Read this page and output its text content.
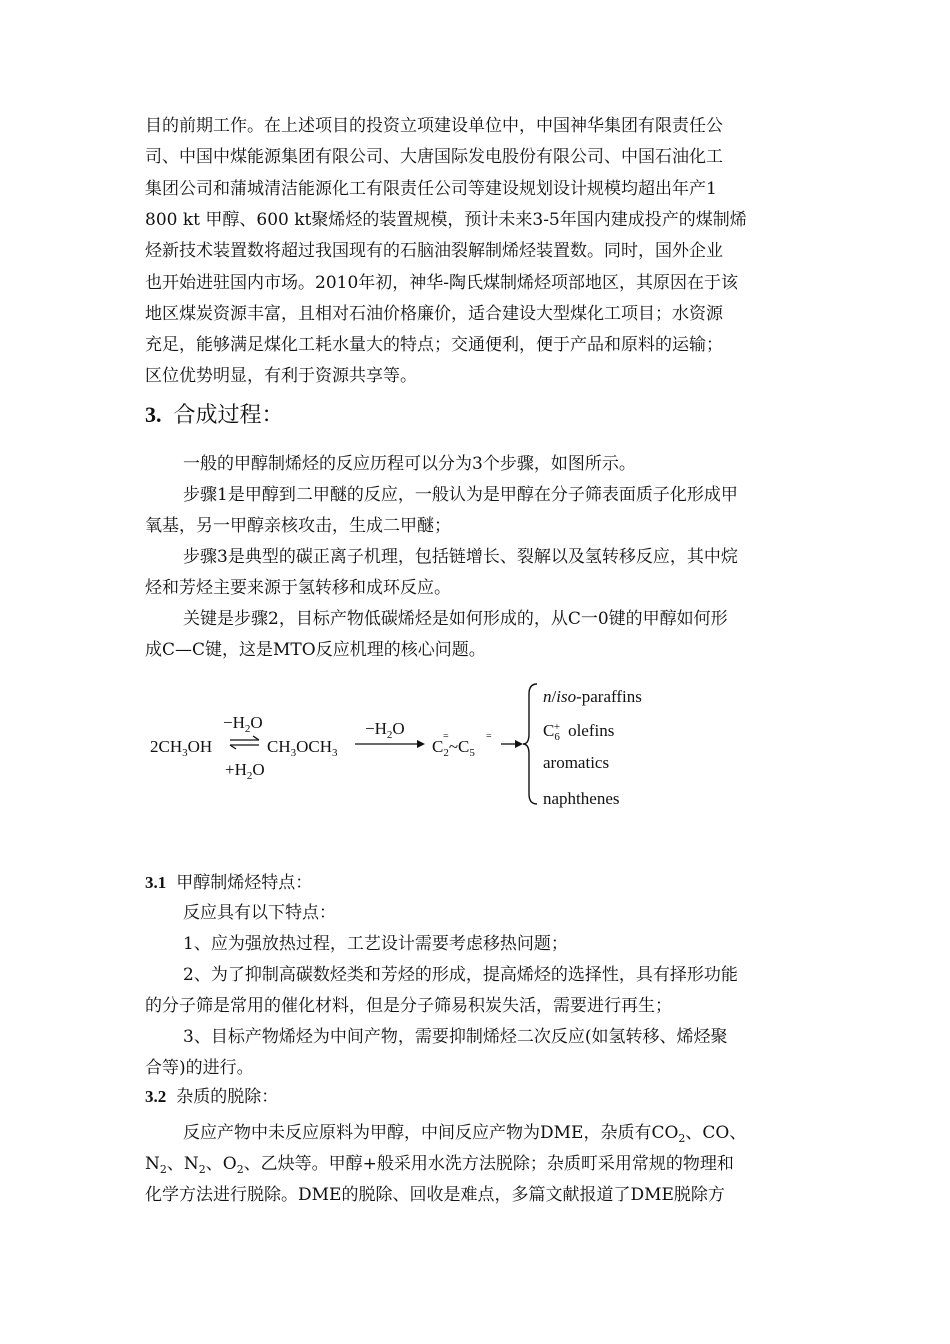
目的前期工作。在上述项目的投资立项建设单位中，中国神华集团有限责任公
司、中国中煤能源集团有限公司、大唐国际发电股份有限公司、中国石油化工
集团公司和蒲城清洁能源化工有限责任公司等建设规划设计规模均超出年产1
800 kt 甲醇、600 kt聚烯烃的装置规模，预计未来3-5年国内建成投产的煤制烯
烃新技术装置数将超过我国现有的石脑油裂解制烯烃装置数。同时，国外企业
也开始进驻国内市场。2010年初，神华-陶氏煤制烯烃项部地区，其原因在于该
地区煤炭资源丰富，且相对石油价格廉价，适合建设大型煤化工项目；水资源
充足，能够满足煤化工耗水量大的特点；交通便利，便于产品和原料的运输；
区位优势明显，有利于资源共享等。
3. 合成过程：
一般的甲醇制烯烃的反应历程可以分为3个步骤，如图所示。
步骤1是甲醇到二甲醚的反应，一般认为是甲醇在分子筛表面质子化形成甲
氧基，另一甲醇亲核攻击，生成二甲醚；
步骤3是典型的碳正离子机理，包括链增长、裂解以及氢转移反应，其中烷
烃和芳烃主要来源于氢转移和成环反应。
关键是步骤2，目标产物低碳烯烃是如何形成的，从C一0键的甲醇如何形
成C—C键，这是MTO反应机理的核心问题。
$2CH_3OH$
$-H_2O$
$+H_2O$
$CH_3OCH_3$
$-H_2O$
$C_2\sim C_5$
=	=
n/iso-paraffins
$C_6+$ olefins
aromatics
naphthenes
3.1 甲醇制烯烃特点：
反应具有以下特点：
1、应为强放热过程，工艺设计需要考虑移热问题；
2、为了抑制高碳数烃类和芳烃的形成，提高烯烃的选择性，具有择形功能
的分子筛是常用的催化材料，但是分子筛易积炭失活，需要进行再生；
3、目标产物烯烃为中间产物，需要抑制烯烃二次反应(如氢转移、烯烃聚
合等)的进行。
3.2 杂质的脱除：
反应产物中未反应原料为甲醇，中间反应产物为DME，杂质有$CO_2$、CO、
$N_2$、$N_2$、$O_2$、乙炔等。甲醇+般采用水洗方法脱除；杂质町采用常规的物理和
化学方法进行脱除。DME的脱除、回收是难点，多篇文献报道了DME脱除方
